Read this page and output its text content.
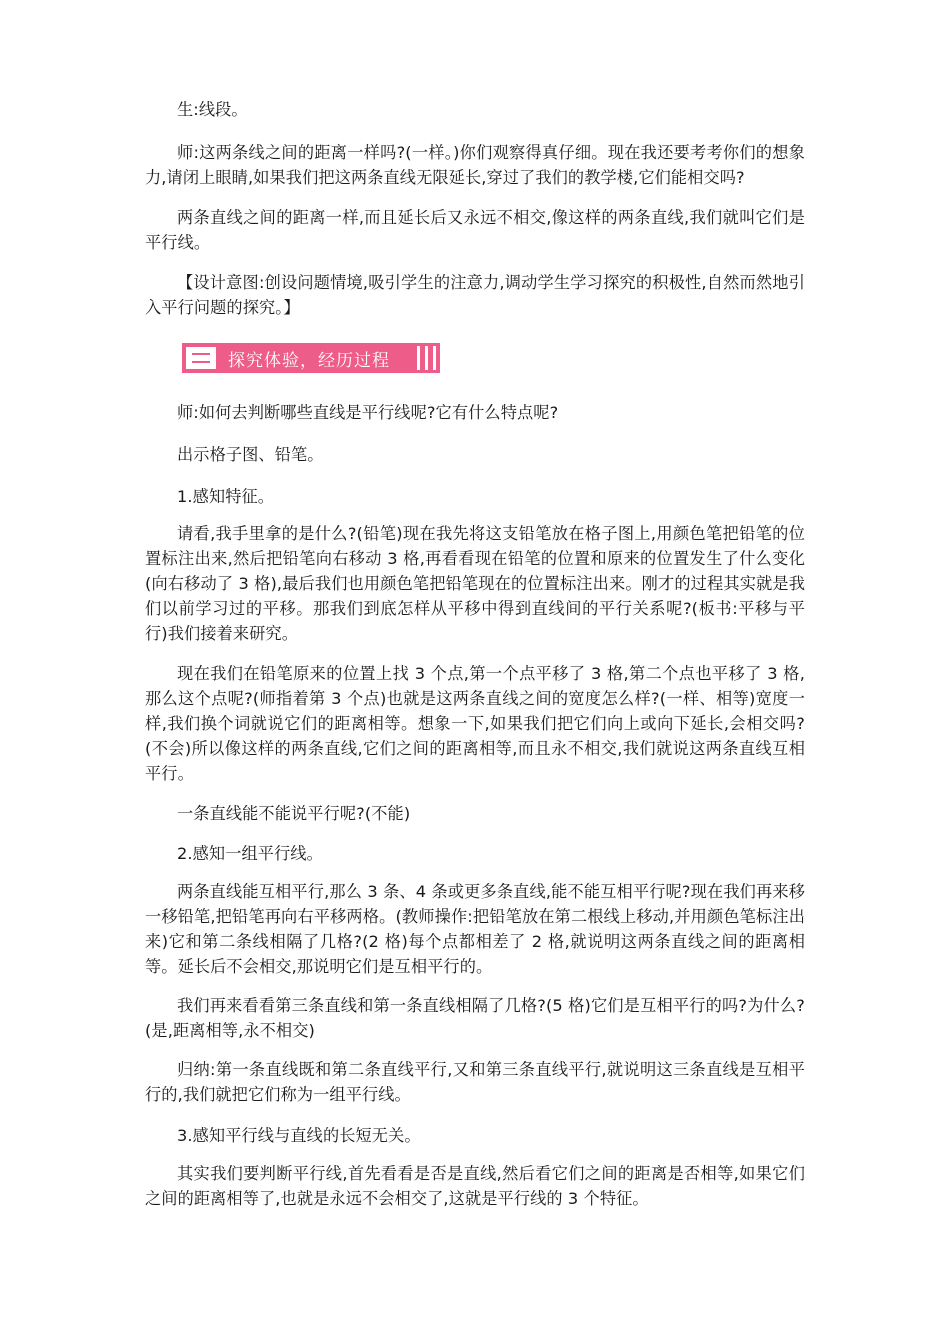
生:线段。

师:这两条线之间的距离一样吗?(一样。)你们观察得真仔细。现在我还要考考你们的想象力,请闭上眼睛,如果我们把这两条直线无限延长,穿过了我们的教学楼,它们能相交吗?

两条直线之间的距离一样,而且延长后又永远不相交,像这样的两条直线,我们就叫它们是平行线。

【设计意图:创设问题情境,吸引学生的注意力,调动学生学习探究的积极性,自然而然地引入平行问题的探究。】

探究体验，经历过程

师:如何去判断哪些直线是平行线呢?它有什么特点呢?

出示格子图、铅笔。

1.感知特征。

请看,我手里拿的是什么?(铅笔)现在我先将这支铅笔放在格子图上,用颜色笔把铅笔的位置标注出来,然后把铅笔向右移动 3 格,再看看现在铅笔的位置和原来的位置发生了什么变化(向右移动了 3 格),最后我们也用颜色笔把铅笔现在的位置标注出来。刚才的过程其实就是我们以前学习过的平移。那我们到底怎样从平移中得到直线间的平行关系呢?(板书:平移与平行)我们接着来研究。

现在我们在铅笔原来的位置上找 3 个点,第一个点平移了 3 格,第二个点也平移了 3 格,那么这个点呢?(师指着第 3 个点)也就是这两条直线之间的宽度怎么样?(一样、相等)宽度一样,我们换个词就说它们的距离相等。想象一下,如果我们把它们向上或向下延长,会相交吗?(不会)所以像这样的两条直线,它们之间的距离相等,而且永不相交,我们就说这两条直线互相平行。

一条直线能不能说平行呢?(不能)

2.感知一组平行线。

两条直线能互相平行,那么 3 条、4 条或更多条直线,能不能互相平行呢?现在我们再来移一移铅笔,把铅笔再向右平移两格。(教师操作:把铅笔放在第二根线上移动,并用颜色笔标注出来)它和第二条线相隔了几格?(2 格)每个点都相差了 2 格,就说明这两条直线之间的距离相等。延长后不会相交,那说明它们是互相平行的。

我们再来看看第三条直线和第一条直线相隔了几格?(5 格)它们是互相平行的吗?为什么?(是,距离相等,永不相交)

归纳:第一条直线既和第二条直线平行,又和第三条直线平行,就说明这三条直线是互相平行的,我们就把它们称为一组平行线。

3.感知平行线与直线的长短无关。

其实我们要判断平行线,首先看看是否是直线,然后看它们之间的距离是否相等,如果它们之间的距离相等了,也就是永远不会相交了,这就是平行线的 3 个特征。
